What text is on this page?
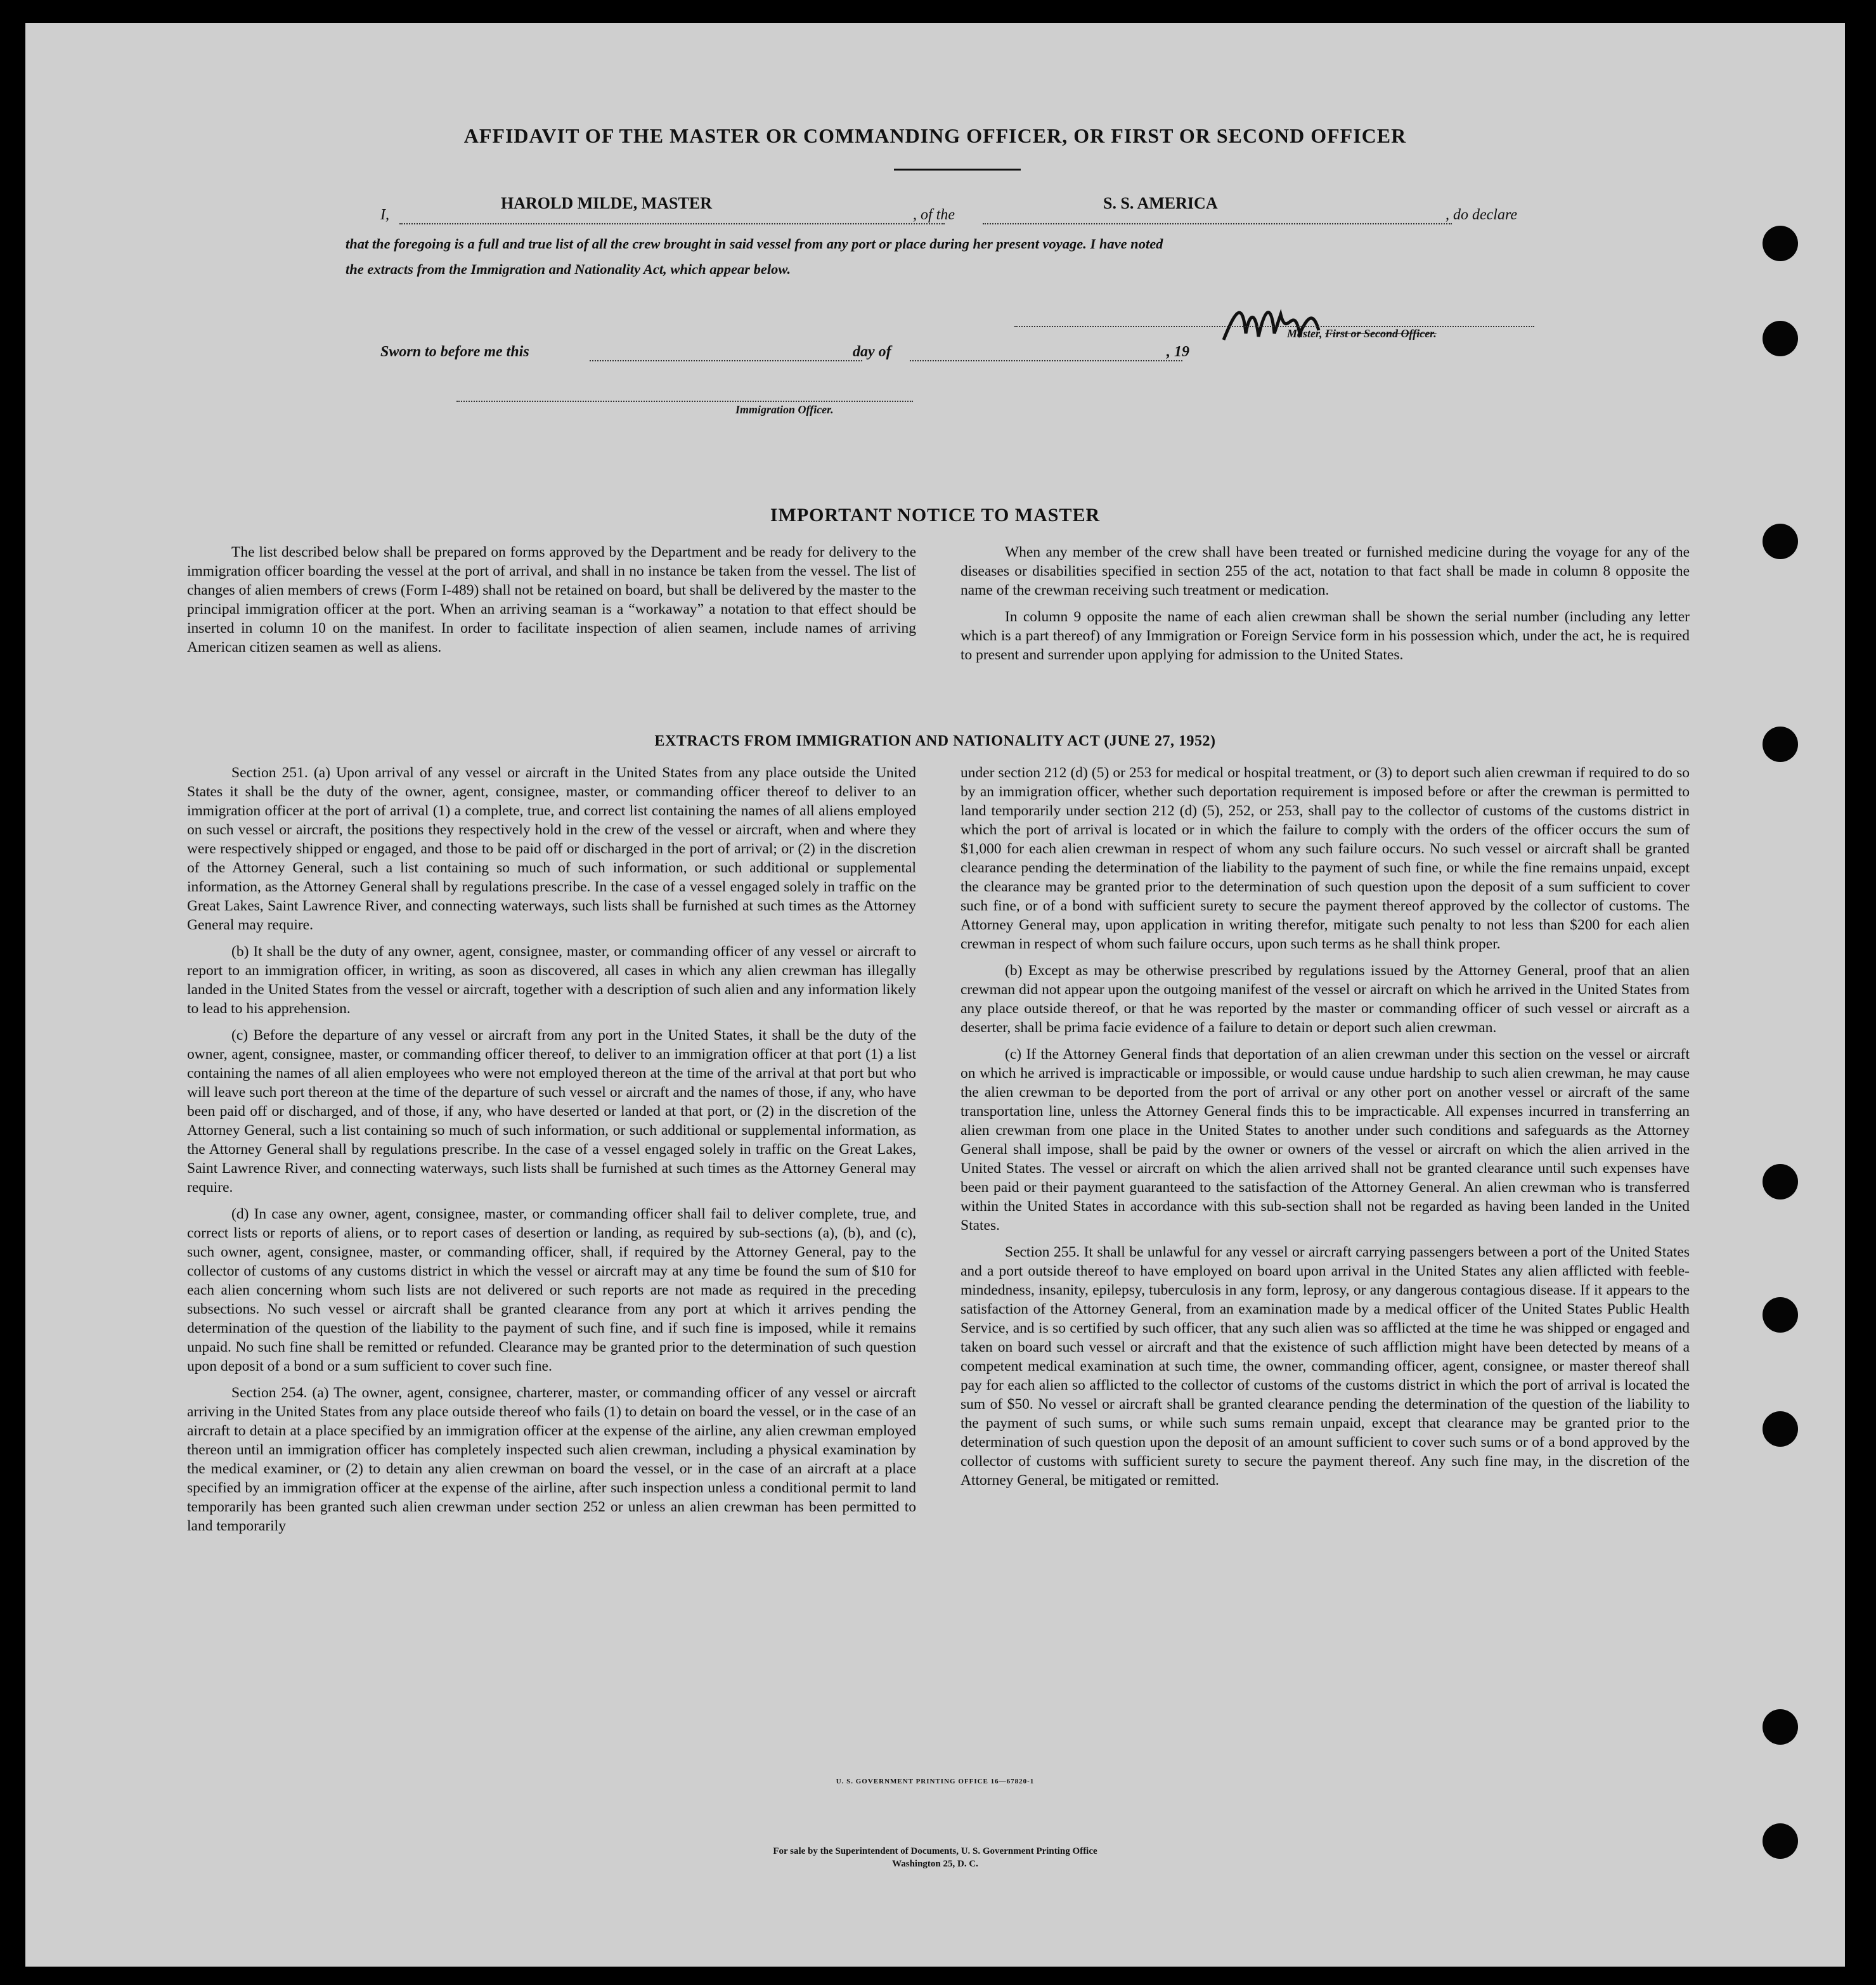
AFFIDAVIT OF THE MASTER OR COMMANDING OFFICER, OR FIRST OR SECOND OFFICER
I,
HAROLD MILDE, MASTER
, of the
S. S. AMERICA
, do declare
that the foregoing is a full and true list of all the crew brought in said vessel from any port or place during her present voyage. I have noted
the extracts from the Immigration and Nationality Act, which appear below.
Master, First or Second Officer.
Sworn to before me this	day of	, 19
Immigration Officer.
IMPORTANT NOTICE TO MASTER

The list described below shall be prepared on forms approved by the Department and be ready for delivery to the immigration officer boarding the vessel at the port of arrival, and shall in no instance be taken from the vessel. The list of changes of alien members of crews (Form I-489) shall not be retained on board, but shall be delivered by the master to the principal immigration officer at the port. When an arriving seaman is a “workaway” a notation to that effect should be inserted in column 10 on the manifest. In order to facilitate inspection of alien seamen, include names of arriving American citizen seamen as well as aliens.

When any member of the crew shall have been treated or furnished medicine during the voyage for any of the diseases or disabilities specified in section 255 of the act, notation to that fact shall be made in column 8 opposite the name of the crewman receiving such treatment or medication.

In column 9 opposite the name of each alien crewman shall be shown the serial number (including any letter which is a part thereof) of any Immigration or Foreign Service form in his possession which, under the act, he is required to present and surrender upon applying for admission to the United States.

EXTRACTS FROM IMMIGRATION AND NATIONALITY ACT (JUNE 27, 1952)

Section 251. (a) Upon arrival of any vessel or aircraft in the United States from any place outside the United States it shall be the duty of the owner, agent, consignee, master, or commanding officer thereof to deliver to an immigration officer at the port of arrival (1) a complete, true, and correct list containing the names of all aliens employed on such vessel or aircraft, the positions they respectively hold in the crew of the vessel or aircraft, when and where they were respectively shipped or engaged, and those to be paid off or discharged in the port of arrival; or (2) in the discretion of the Attorney General, such a list containing so much of such information, or such additional or supplemental information, as the Attorney General shall by regulations prescribe. In the case of a vessel engaged solely in traffic on the Great Lakes, Saint Lawrence River, and connecting waterways, such lists shall be furnished at such times as the Attorney General may require.

(b) It shall be the duty of any owner, agent, consignee, master, or commanding officer of any vessel or aircraft to report to an immigration officer, in writing, as soon as discovered, all cases in which any alien crewman has illegally landed in the United States from the vessel or aircraft, together with a description of such alien and any information likely to lead to his apprehension.

(c) Before the departure of any vessel or aircraft from any port in the United States, it shall be the duty of the owner, agent, consignee, master, or commanding officer thereof, to deliver to an immigration officer at that port (1) a list containing the names of all alien employees who were not employed thereon at the time of the arrival at that port but who will leave such port thereon at the time of the departure of such vessel or aircraft and the names of those, if any, who have been paid off or discharged, and of those, if any, who have deserted or landed at that port, or (2) in the discretion of the Attorney General, such a list containing so much of such information, or such additional or supplemental information, as the Attorney General shall by regulations prescribe. In the case of a vessel engaged solely in traffic on the Great Lakes, Saint Lawrence River, and connecting waterways, such lists shall be furnished at such times as the Attorney General may require.

(d) In case any owner, agent, consignee, master, or commanding officer shall fail to deliver complete, true, and correct lists or reports of aliens, or to report cases of desertion or landing, as required by sub-sections (a), (b), and (c), such owner, agent, consignee, master, or commanding officer, shall, if required by the Attorney General, pay to the collector of customs of any customs district in which the vessel or aircraft may at any time be found the sum of $10 for each alien concerning whom such lists are not delivered or such reports are not made as required in the preceding subsections. No such vessel or aircraft shall be granted clearance from any port at which it arrives pending the determination of the question of the liability to the payment of such fine, and if such fine is imposed, while it remains unpaid. No such fine shall be remitted or refunded. Clearance may be granted prior to the determination of such question upon deposit of a bond or a sum sufficient to cover such fine.

Section 254. (a) The owner, agent, consignee, charterer, master, or commanding officer of any vessel or aircraft arriving in the United States from any place outside thereof who fails (1) to detain on board the vessel, or in the case of an aircraft to detain at a place specified by an immigration officer at the expense of the airline, any alien crewman employed thereon until an immigration officer has completely inspected such alien crewman, including a physical examination by the medical examiner, or (2) to detain any alien crewman on board the vessel, or in the case of an aircraft at a place specified by an immigration officer at the expense of the airline, after such inspection unless a conditional permit to land temporarily has been granted such alien crewman under section 252 or unless an alien crewman has been permitted to land temporarily

under section 212 (d) (5) or 253 for medical or hospital treatment, or (3) to deport such alien crewman if required to do so by an immigration officer, whether such deportation requirement is imposed before or after the crewman is permitted to land temporarily under section 212 (d) (5), 252, or 253, shall pay to the collector of customs of the customs district in which the port of arrival is located or in which the failure to comply with the orders of the officer occurs the sum of $1,000 for each alien crewman in respect of whom any such failure occurs. No such vessel or aircraft shall be granted clearance pending the determination of the liability to the payment of such fine, or while the fine remains unpaid, except the clearance may be granted prior to the determination of such question upon the deposit of a sum sufficient to cover such fine, or of a bond with sufficient surety to secure the payment thereof approved by the collector of customs. The Attorney General may, upon application in writing therefor, mitigate such penalty to not less than $200 for each alien crewman in respect of whom such failure occurs, upon such terms as he shall think proper.

(b) Except as may be otherwise prescribed by regulations issued by the Attorney General, proof that an alien crewman did not appear upon the outgoing manifest of the vessel or aircraft on which he arrived in the United States from any place outside thereof, or that he was reported by the master or commanding officer of such vessel or aircraft as a deserter, shall be prima facie evidence of a failure to detain or deport such alien crewman.

(c) If the Attorney General finds that deportation of an alien crewman under this section on the vessel or aircraft on which he arrived is impracticable or impossible, or would cause undue hardship to such alien crewman, he may cause the alien crewman to be deported from the port of arrival or any other port on another vessel or aircraft of the same transportation line, unless the Attorney General finds this to be impracticable. All expenses incurred in transferring an alien crewman from one place in the United States to another under such conditions and safeguards as the Attorney General shall impose, shall be paid by the owner or owners of the vessel or aircraft on which the alien arrived in the United States. The vessel or aircraft on which the alien arrived shall not be granted clearance until such expenses have been paid or their payment guaranteed to the satisfaction of the Attorney General. An alien crewman who is transferred within the United States in accordance with this sub-section shall not be regarded as having been landed in the United States.

Section 255. It shall be unlawful for any vessel or aircraft carrying passengers between a port of the United States and a port outside thereof to have employed on board upon arrival in the United States any alien afflicted with feeble-mindedness, insanity, epilepsy, tuberculosis in any form, leprosy, or any dangerous contagious disease. If it appears to the satisfaction of the Attorney General, from an examination made by a medical officer of the United States Public Health Service, and is so certified by such officer, that any such alien was so afflicted at the time he was shipped or engaged and taken on board such vessel or aircraft and that the existence of such affliction might have been detected by means of a competent medical examination at such time, the owner, commanding officer, agent, consignee, or master thereof shall pay for each alien so afflicted to the collector of customs of the customs district in which the port of arrival is located the sum of $50. No vessel or aircraft shall be granted clearance pending the determination of the question of the liability to the payment of such sums, or while such sums remain unpaid, except that clearance may be granted prior to the determination of such question upon the deposit of an amount sufficient to cover such sums or of a bond approved by the collector of customs with sufficient surety to secure the payment thereof. Any such fine may, in the discretion of the Attorney General, be mitigated or remitted.

U. S. GOVERNMENT PRINTING OFFICE 16—67820-1
For sale by the Superintendent of Documents, U. S. Government Printing Office
Washington 25, D. C.
